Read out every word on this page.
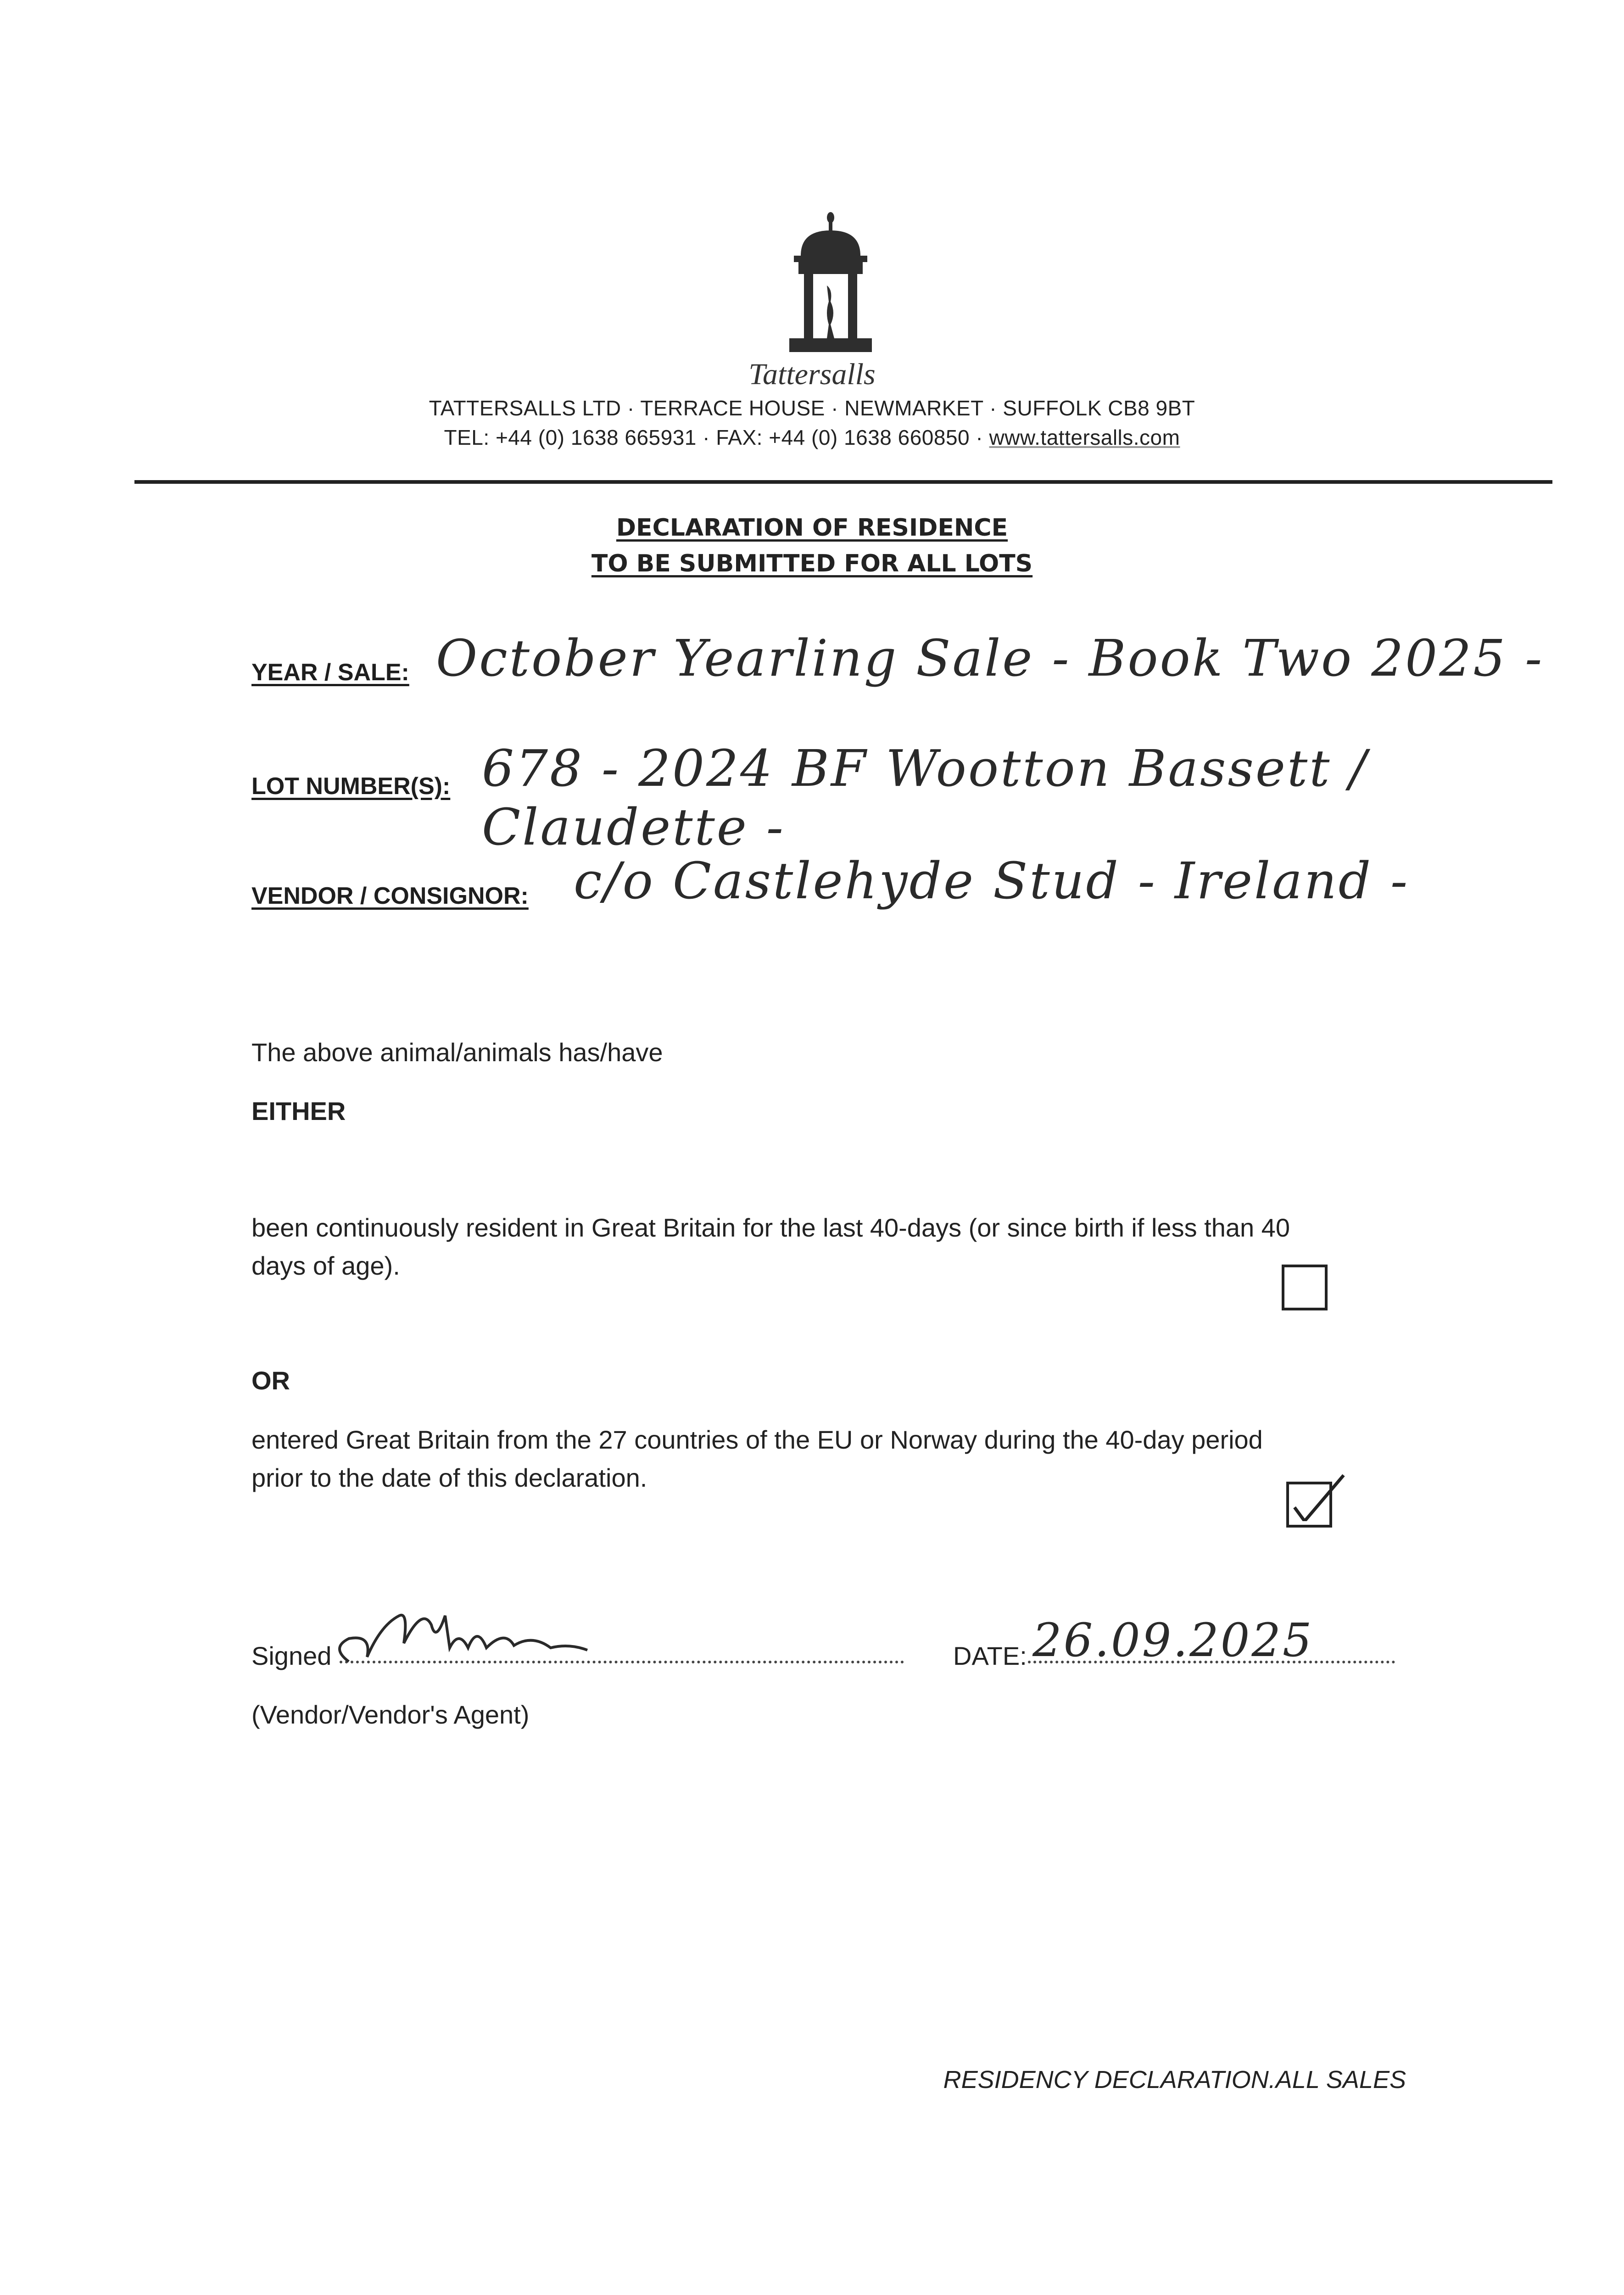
Tattersalls
TATTERSALLS LTD · TERRACE HOUSE · NEWMARKET · SUFFOLK CB8 9BT
TEL: +44 (0) 1638 665931 · FAX: +44 (0) 1638 660850 · www.tattersalls.com
DECLARATION OF RESIDENCE
TO BE SUBMITTED FOR ALL LOTS
YEAR / SALE: October Yearling Sale - Book Two 2025 -
LOT NUMBER(S): 678 - 2024 BF Wootton Bassett / Claudette -
VENDOR / CONSIGNOR: c/o Castlehyde Stud - Ireland -
The above animal/animals has/have
EITHER
been continuously resident in Great Britain for the last 40-days (or since birth if less than 40
days of age).
OR
entered Great Britain from the 27 countries of the EU or Norway during the 40-day period
prior to the date of this declaration.
Signed
(Vendor/Vendor's Agent)
DATE: 26.09.2025
RESIDENCY DECLARATION.ALL SALES
